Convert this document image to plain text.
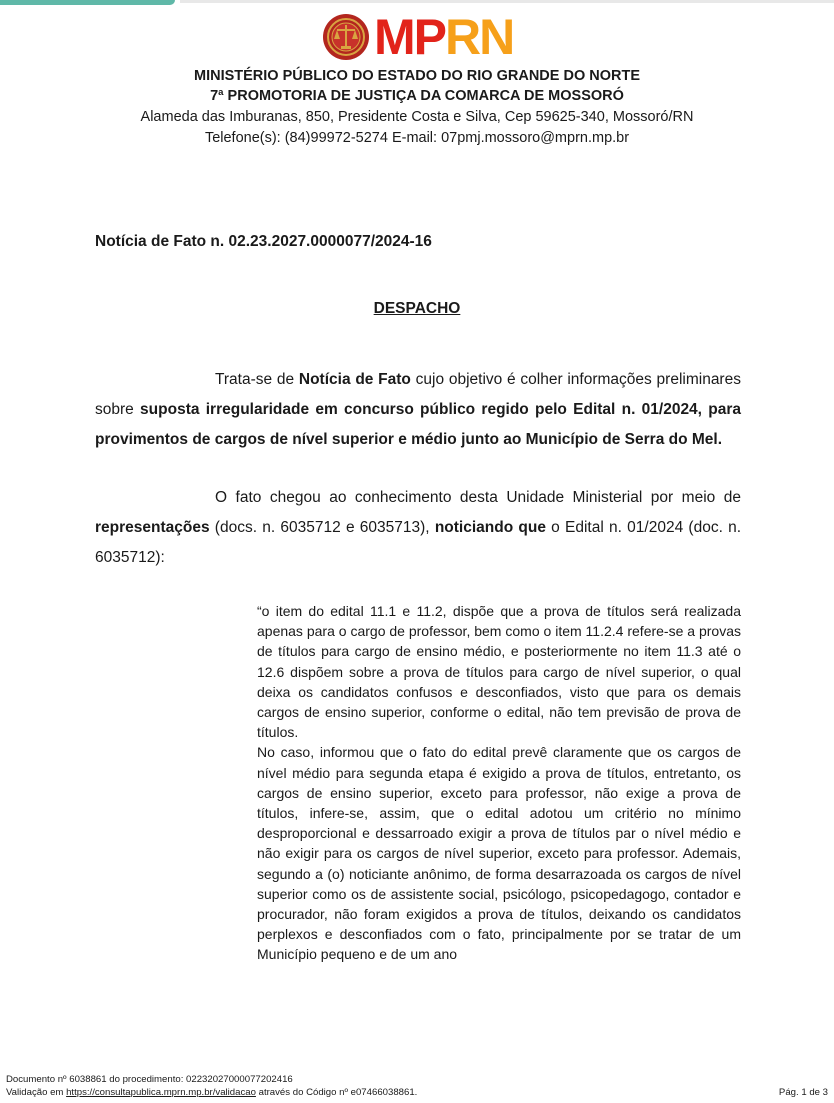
MPRN
MINISTÉRIO PÚBLICO DO ESTADO DO RIO GRANDE DO NORTE
7ª PROMOTORIA DE JUSTIÇA DA COMARCA DE MOSSORÓ
Alameda das Imburanas, 850, Presidente Costa e Silva, Cep 59625-340, Mossoró/RN
Telefone(s): (84)99972-5274 E-mail: 07pmj.mossoro@mprn.mp.br
Notícia de Fato n. 02.23.2027.0000077/2024-16
DESPACHO
Trata-se de Notícia de Fato cujo objetivo é colher informações preliminares sobre suposta irregularidade em concurso público regido pelo Edital n. 01/2024, para provimentos de cargos de nível superior e médio junto ao Município de Serra do Mel.
O fato chegou ao conhecimento desta Unidade Ministerial por meio de representações (docs. n. 6035712 e 6035713), noticiando que o Edital n. 01/2024 (doc. n. 6035712):

“o item do edital 11.1 e 11.2, dispõe que a prova de títulos será realizada apenas para o cargo de professor, bem como o item 11.2.4 refere-se a provas de títulos para cargo de ensino médio, e posteriormente no item 11.3 até o 12.6 dispõem sobre a prova de títulos para cargo de nível superior, o qual deixa os candidatos confusos e desconfiados, visto que para os demais cargos de ensino superior, conforme o edital, não tem previsão de prova de títulos.

No caso, informou que o fato do edital prevê claramente que os cargos de nível médio para segunda etapa é exigido a prova de títulos, entretanto, os cargos de ensino superior, exceto para professor, não exige a prova de títulos, infere-se, assim, que o edital adotou um critério no mínimo desproporcional e dessarroado exigir a prova de títulos par o nível médio e não exigir para os cargos de nível superior, exceto para professor. Ademais, segundo a (o) noticiante anônimo, de forma desarrazoada os cargos de nível superior como os de assistente social, psicólogo, psicopedagogo, contador e procurador, não foram exigidos a prova de títulos, deixando os candidatos perplexos e desconfiados com o fato, principalmente por se tratar de um Município pequeno e de um ano

Documento nº 6038861 do procedimento: 02232027000077202416
Validação em https://consultapublica.mprn.mp.br/validacao através do Código nº e07466038861.	Pág. 1 de 3
